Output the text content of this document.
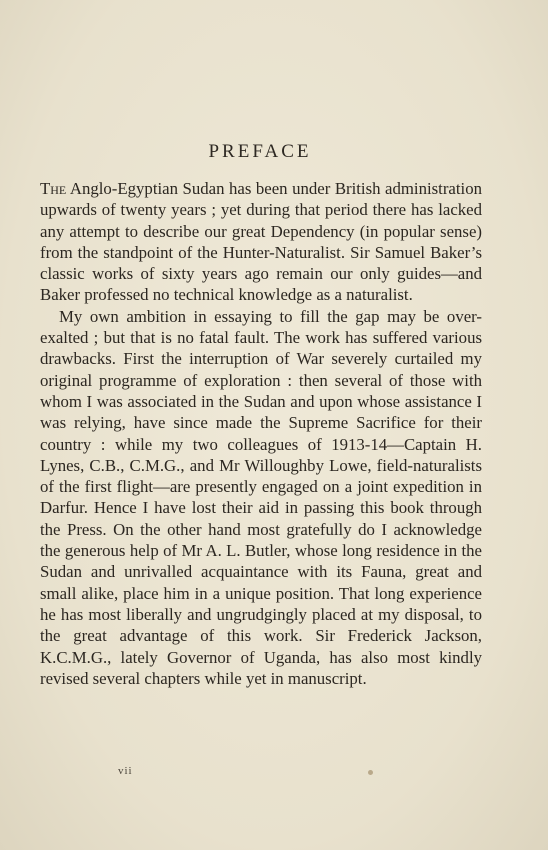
PREFACE

The Anglo-Egyptian Sudan has been under British administration upwards of twenty years ; yet during that period there has lacked any attempt to describe our great Dependency (in popular sense) from the standpoint of the Hunter-Naturalist. Sir Samuel Baker’s classic works of sixty years ago remain our only guides—and Baker professed no technical knowledge as a naturalist.

My own ambition in essaying to fill the gap may be over-exalted ; but that is no fatal fault. The work has suffered various drawbacks. First the interruption of War severely curtailed my original programme of exploration : then several of those with whom I was associated in the Sudan and upon whose assistance I was relying, have since made the Supreme Sacrifice for their country : while my two colleagues of 1913-14—Captain H. Lynes, C.B., C.M.G., and Mr Willoughby Lowe, field-naturalists of the first flight—are presently engaged on a joint expedition in Darfur. Hence I have lost their aid in passing this book through the Press. On the other hand most gratefully do I acknowledge the generous help of Mr A. L. Butler, whose long residence in the Sudan and unrivalled acquaintance with its Fauna, great and small alike, place him in a unique position. That long experience he has most liberally and ungrudgingly placed at my disposal, to the great advantage of this work. Sir Frederick Jackson, K.C.M.G., lately Governor of Uganda, has also most kindly revised several chapters while yet in manuscript.

vii
